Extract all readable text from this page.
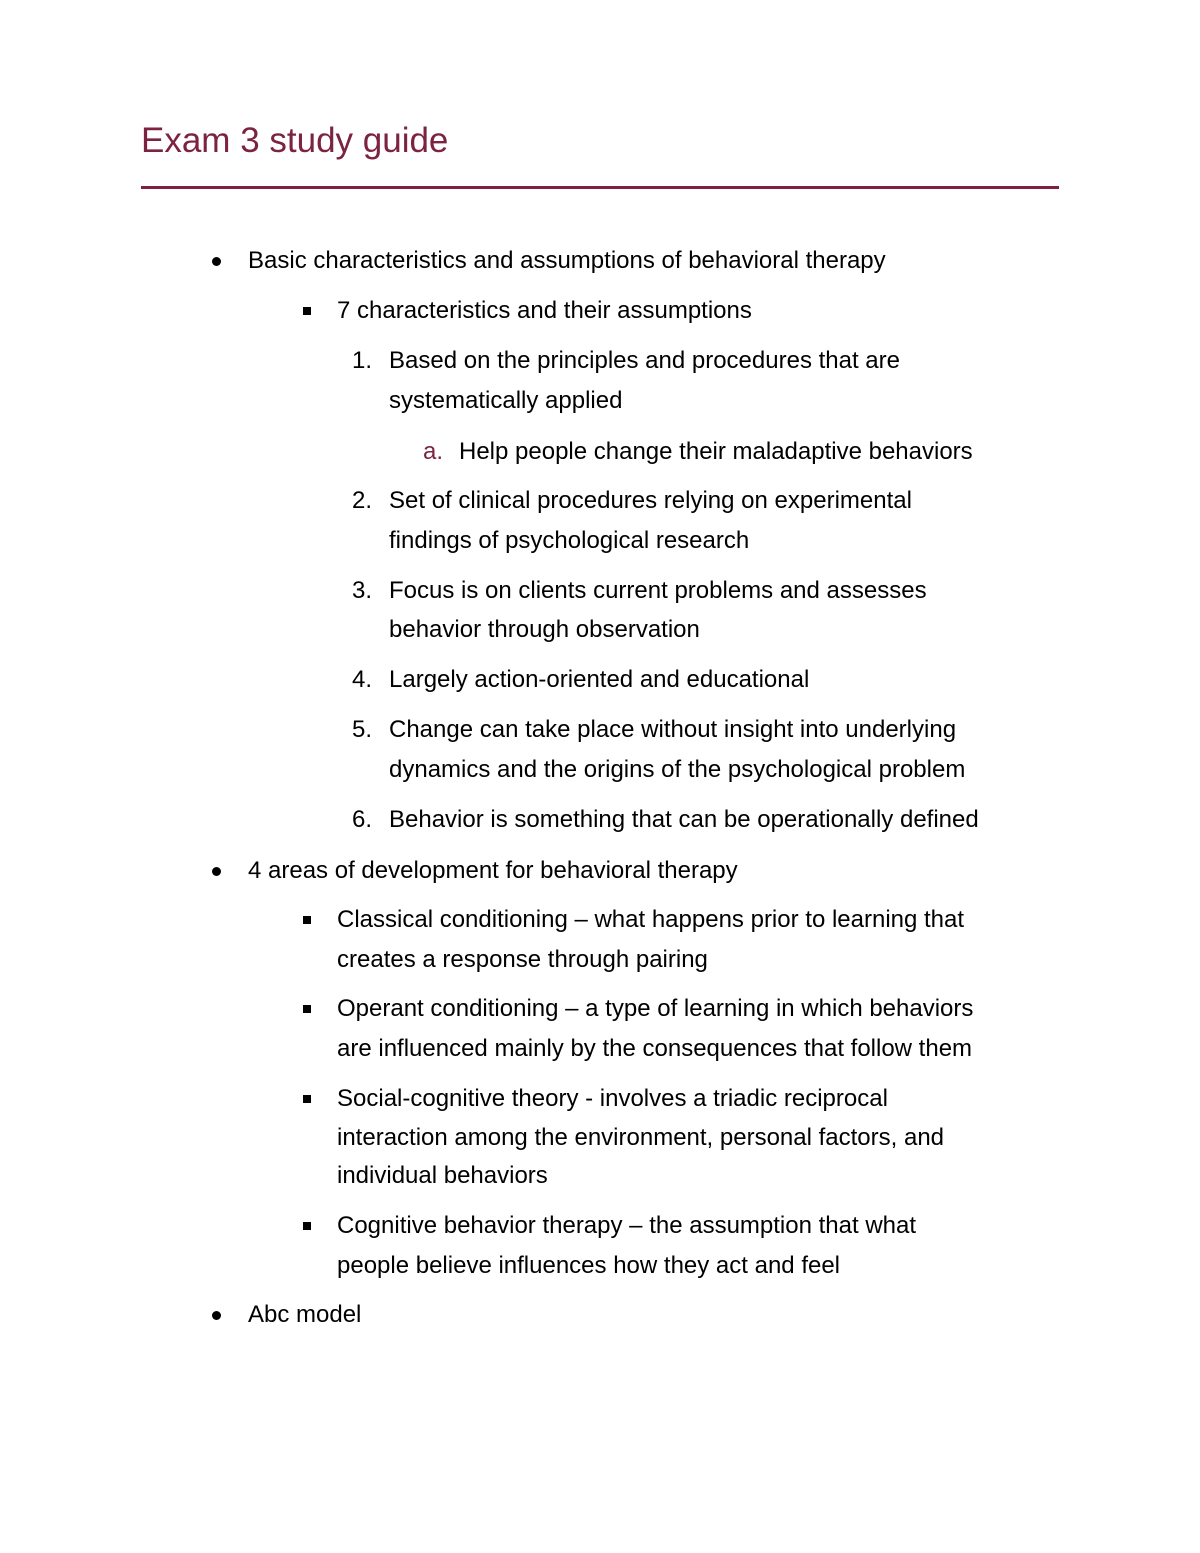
Exam 3 study guide
Basic characteristics and assumptions of behavioral therapy
7 characteristics and their assumptions
1. Based on the principles and procedures that are
systematically applied
a. Help people change their maladaptive behaviors
2. Set of clinical procedures relying on experimental
findings of psychological research
3. Focus is on clients current problems and assesses
behavior through observation
4. Largely action-oriented and educational
5. Change can take place without insight into underlying
dynamics and the origins of the psychological problem
6. Behavior is something that can be operationally defined
4 areas of development for behavioral therapy
Classical conditioning – what happens prior to learning that
creates a response through pairing
Operant conditioning – a type of learning in which behaviors
are influenced mainly by the consequences that follow them
Social-cognitive theory - involves a triadic reciprocal
interaction among the environment, personal factors, and
individual behaviors
Cognitive behavior therapy – the assumption that what
people believe influences how they act and feel
Abc model
